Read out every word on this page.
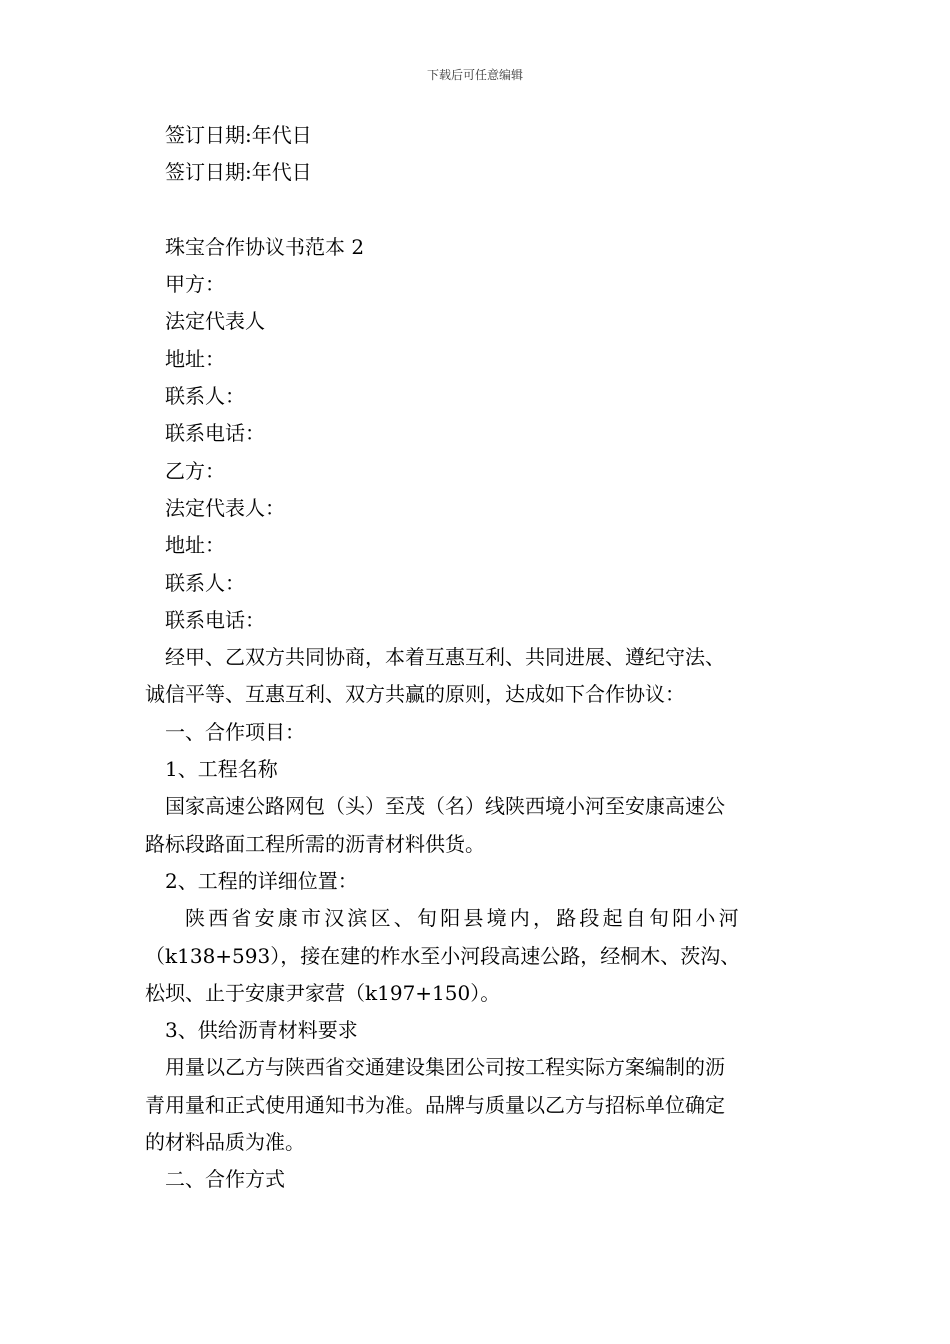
下载后可任意编辑
签订日期:年代日
签订日期:年代日
珠宝合作协议书范本 2
甲方：
法定代表人
地址：
联系人：
联系电话：
乙方：
法定代表人：
地址：
联系人：
联系电话：
经甲、乙双方共同协商，本着互惠互利、共同进展、遵纪守法、
诚信平等、互惠互利、双方共赢的原则，达成如下合作协议：
一、合作项目：
1、工程名称
国家高速公路网包（头）至茂（名）线陕西境小河至安康高速公
路标段路面工程所需的沥青材料供货。
2、工程的详细位置：
陕西省安康市汉滨区、旬阳县境内，路段起自旬阳小河
（k138+593），接在建的柞水至小河段高速公路，经桐木、茨沟、
松坝、止于安康尹家营（k197+150）。
3、供给沥青材料要求
用量以乙方与陕西省交通建设集团公司按工程实际方案编制的沥
青用量和正式使用通知书为准。品牌与质量以乙方与招标单位确定
的材料品质为准。
二、合作方式
